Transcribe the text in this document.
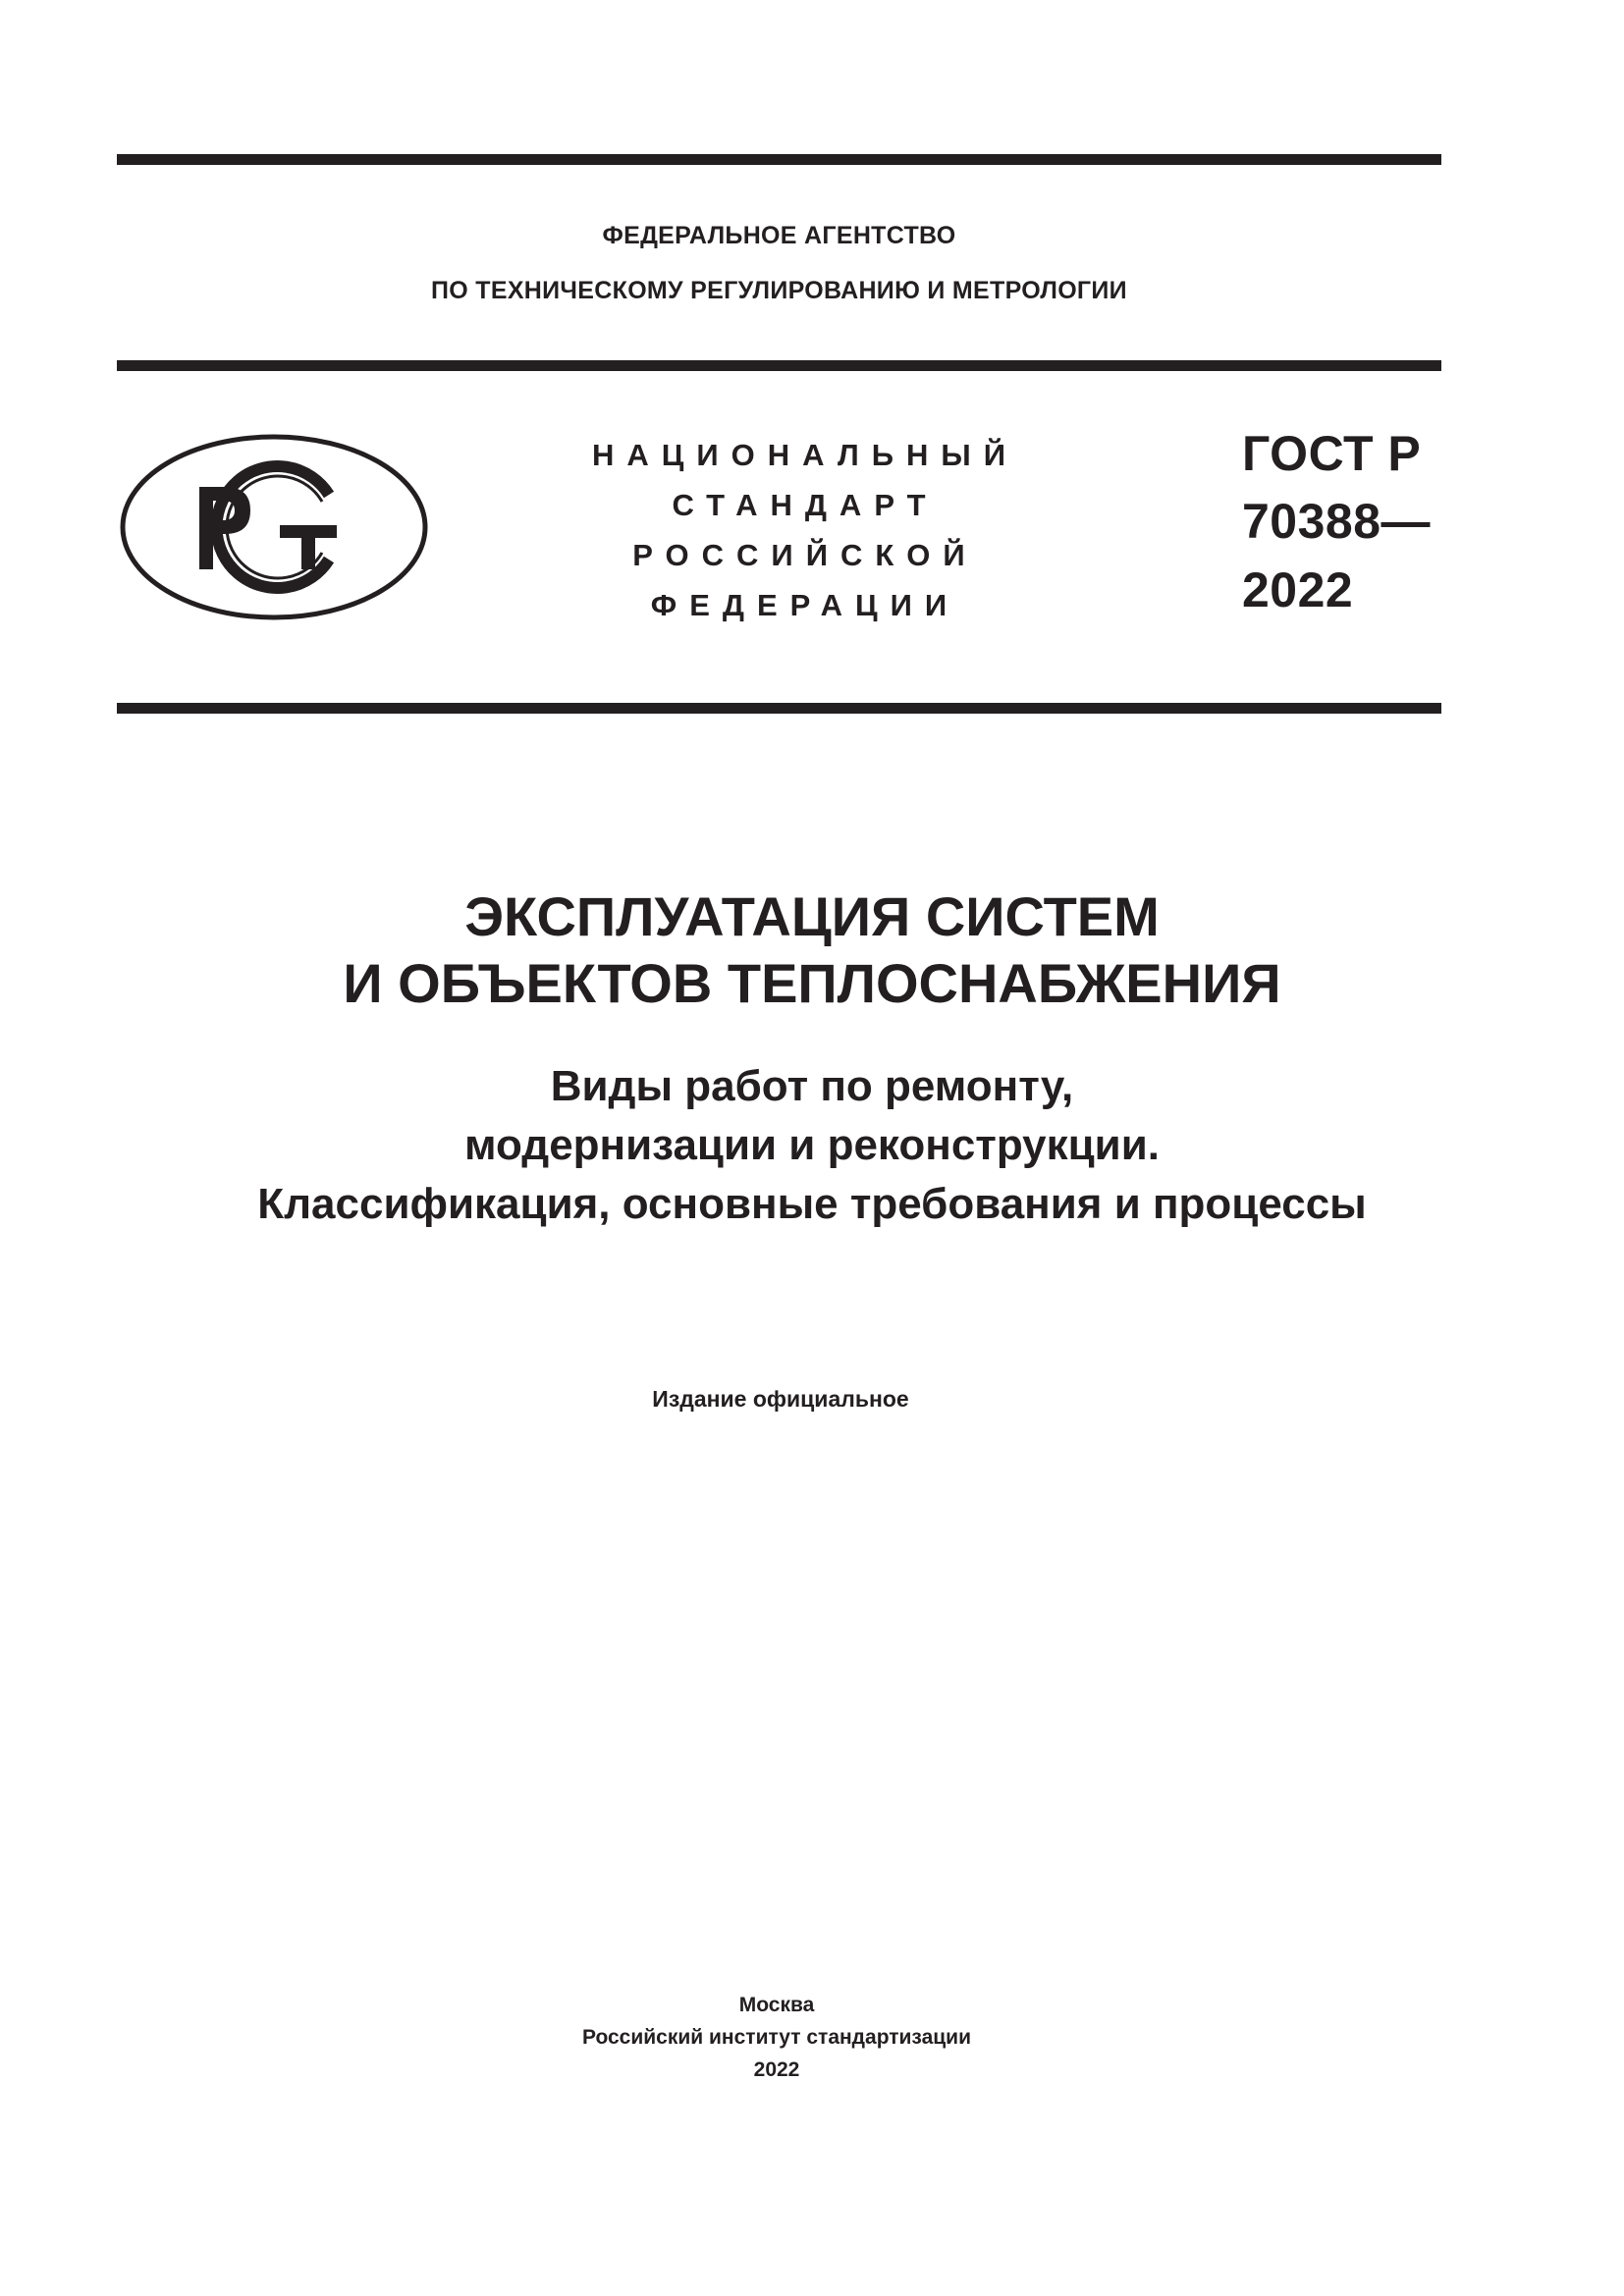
ФЕДЕРАЛЬНОЕ АГЕНТСТВО
ПО ТЕХНИЧЕСКОМУ РЕГУЛИРОВАНИЮ И МЕТРОЛОГИИ
НАЦИОНАЛЬНЫЙ
СТАНДАРТ
РОССИЙСКОЙ
ФЕДЕРАЦИИ
ГОСТ Р
70388—
2022
ЭКСПЛУАТАЦИЯ СИСТЕМ
И ОБЪЕКТОВ ТЕПЛОСНАБЖЕНИЯ
Виды работ по ремонту,
модернизации и реконструкции.
Классификация, основные требования и процессы
Издание официальное
Москва
Российский институт стандартизации
2022
